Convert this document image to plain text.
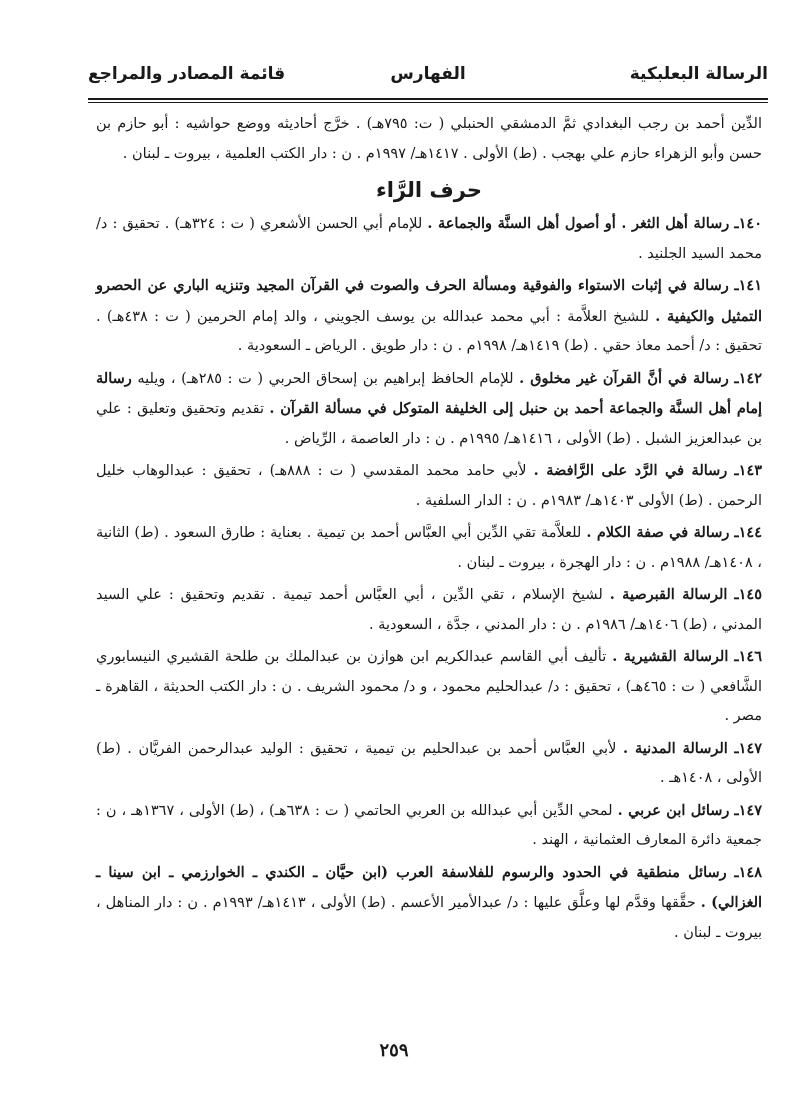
الرسالة البعلبكية
الفهارس
قائمة المصادر والمراجع

الدِّين أحمد بن رجب البغدادي ثمَّ الدمشقي الحنبلي ( ت: ٧٩٥هـ) . خرَّج أحاديثه ووضع حواشيه : أبو حازم بن حسن وأبو الزهراء حازم علي بهجب . (ط) الأولى . ١٤١٧هـ/ ١٩٩٧م . ن : دار الكتب العلمية ، بيروت ـ لبنان .

حرف الرَّاء

١٤٠ـ رسالة أهل الثغر . أو أصول أهل السنَّة والجماعة . للإمام أبي الحسن الأشعري ( ت : ٣٢٤هـ) . تحقيق : د/ محمد السيد الجلنيد .

١٤١ـ رسالة في إثبات الاستواء والفوقية ومسألة الحرف والصوت في القرآن المجيد وتنزيه الباري عن الحصرو التمثيل والكيفية . للشيخ العلاَّمة : أبي محمد عبدالله بن يوسف الجويني ، والد إمام الحرمين ( ت : ٤٣٨هـ) . تحقيق : د/ أحمد معاذ حقي . (ط) ١٤١٩هـ/ ١٩٩٨م . ن : دار طويق . الرياض ـ السعودية .

١٤٢ـ رسالة في أنَّ القرآن غير مخلوق . للإمام الحافظ إبراهيم بن إسحاق الحربي ( ت : ٢٨٥هـ) ، ويليه رسالة إمام أهل السنَّة والجماعة أحمد بن حنبل إلى الخليفة المتوكل في مسألة القرآن . تقديم وتحقيق وتعليق : علي بن عبدالعزيز الشبل . (ط) الأولى ، ١٤١٦هـ/ ١٩٩٥م . ن : دار العاصمة ، الرِّياض .

١٤٣ـ رسالة في الرَّد على الرَّافضة . لأبي حامد محمد المقدسي ( ت : ٨٨٨هـ) ، تحقيق : عبدالوهاب خليل الرحمن . (ط) الأولى ١٤٠٣هـ/ ١٩٨٣م . ن : الدار السلفية .

١٤٤ـ رسالة في صفة الكلام . للعلاَّمة تقي الدِّين أبي العبَّاس أحمد بن تيمية . بعناية : طارق السعود . (ط) الثانية ، ١٤٠٨هـ/ ١٩٨٨م . ن : دار الهجرة ، بيروت ـ لبنان .

١٤٥ـ الرسالة القبرصية . لشيخ الإسلام ، تقي الدِّين ، أبي العبَّاس أحمد تيمية . تقديم وتحقيق : علي السيد المدني ، (ط) ١٤٠٦هـ/ ١٩٨٦م . ن : دار المدني ، جدَّة ، السعودية .

١٤٦ـ الرسالة القشيرية . تأليف أبي القاسم عبدالكريم ابن هوازن بن عبدالملك بن طلحة القشيري النيسابوري الشَّافعي ( ت : ٤٦٥هـ) ، تحقيق : د/ عبدالحليم محمود ، و د/ محمود الشريف . ن : دار الكتب الحديثة ، القاهرة ـ مصر .

١٤٧ـ الرسالة المدنية . لأبي العبَّاس أحمد بن عبدالحليم بن تيمية ، تحقيق : الوليد عبدالرحمن الفريَّان . (ط) الأولى ، ١٤٠٨هـ .

١٤٧ـ رسائل ابن عربي . لمحي الدِّين أبي عبدالله بن العربي الحاتمي ( ت : ٦٣٨هـ) ، (ط) الأولى ، ١٣٦٧هـ ، ن : جمعية دائرة المعارف العثمانية ، الهند .

١٤٨ـ رسائل منطقية في الحدود والرسوم للفلاسفة العرب (ابن حيَّان ـ الكندي ـ الخوارزمي ـ ابن سينا ـ الغزالي) . حقَّقها وقدَّم لها وعلَّق عليها : د/ عبدالأمير الأعسم . (ط) الأولى ، ١٤١٣هـ/ ١٩٩٣م . ن : دار المناهل ، بيروت ـ لبنان .

٢٥٩
